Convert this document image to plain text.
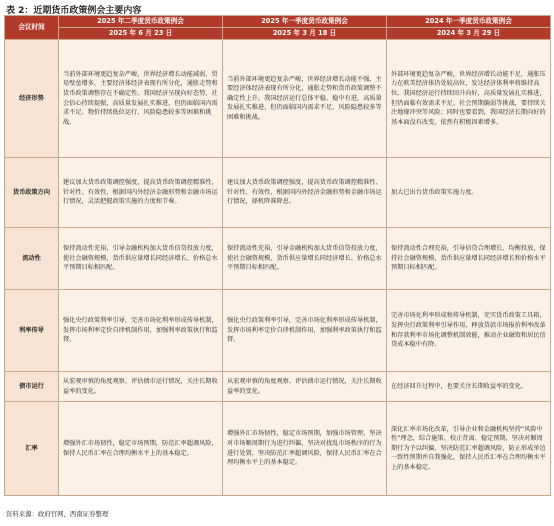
表 2：近期货币政策例会主要内容
会议时间	2025 年二季度货币政策例会	2025 年一季度货币政策例会	2024 年一季度货币政策例会
	2025 年 6 月 23 日	2025 年 3 月 18 日	2024 年 3 月 29 日
经济形势	当前外部环境更趋复杂严峻，世界经济增长动能减弱，贸易壁垒增多，主要经济体经济表现有所分化，通胀走势和货币政策调整存在不确定性。我国经济呈现向好态势，社会信心持续提振，高质量发展扎实推进，但仍面临国内需求不足、物价持续低位运行、风险隐患较多等困难和挑战。	当前外部环境更趋复杂严峻，世界经济增长动能不强，主要经济体经济表现有所分化，通胀走势和货币政策调整不确定性上升。我国经济运行总体平稳、稳中有进，高质量发展扎实推进，但仍面临国内需求不足、风险隐患较多等困难和挑战。	外部环境更趋复杂严峻，世界经济增长动能不足，通胀压力在欧美经济体仍处较高位，发达经济体利率将维持高位。我国经济运行持续回升向好，高质量发展扎实推进，但仍面临有效需求不足、社会预期偏弱等挑战，要持续关注地缘冲突等风险；同时也要看到，我国经济长期向好的基本面没有改变，依然有积极因素增多。
货币政策方向	建议加大货币政策调控强度，提高货币政策调控精准性，针对性、有效性，根据国内外经济金融形势和金融市场运行情况，灵活把握政策实施的力度和节奏。	建议加大货币政策调控强度，提高货币政策调控精准性、针对性、有效性，根据国内外经济金融形势和金融市场运行情况，择机降准降息。	加大已出台货币政策实施力度。
流动性	保持流动性充裕，引导金融机构加大货币信贷投放力度，使社会融资规模、货币供应量增长同经济增长、价格总水平预期目标相匹配。	保持流动性充裕，引导金融机构加大货币信贷投放力度，使社会融资规模、货币供应量增长同经济增长、价格总水平预期目标相匹配。	保持流动性合理充裕，引导信贷合理增长、均衡投放，保持社会融资规模、货币供应量增长同经济增长和价格水平预期目标相匹配。
利率传导	强化央行政策利率引导，完善市场化利率形成传导机制，发挥市场利率定价自律机制作用，加强利率政策执行和监督。	强化央行政策利率引导，完善市场化利率形成传导机制，发挥市场利率定价自律机制作用，加强利率政策执行和监督。	完善市场化利率形成和传导机制，充实货币政策工具箱，发挥央行政策利率引导作用，释放贷款市场报价利率改革和存款利率市场化调整机制效能，推动企业融资和居民信贷成本稳中有降。
债市运行	从宏观审慎的角度观察、评估债市运行情况，关注长期收益率的变化。	从宏观审慎的角度观察、评估债市运行情况，关注长期收益率的变化。	在经济回升过程中，也要关注长期收益率的变化。
汇率	增强外汇市场韧性，稳定市场预期，防范汇率超调风险，保持人民币汇率在合理均衡水平上的基本稳定。	增强外汇市场韧性，稳定市场预期，加强市场管理，坚决对市场顺周期行为进行纠偏，坚决对扰乱市场秩序的行为进行处置，坚决防范汇率超调风险，保持人民币汇率在合理均衡水平上的基本稳定。	深化汇率市场化改革，引导企业和金融机构坚持“风险中性”理念，综合施策、校正背离、稳定预期，坚决对顺周期行为予以纠偏，坚决防范汇率超调风险，防止形成单边一致性预期并自我强化，保持人民币汇率在合理均衡水平上的基本稳定。
资料来源：政府官网，西南证券整理
